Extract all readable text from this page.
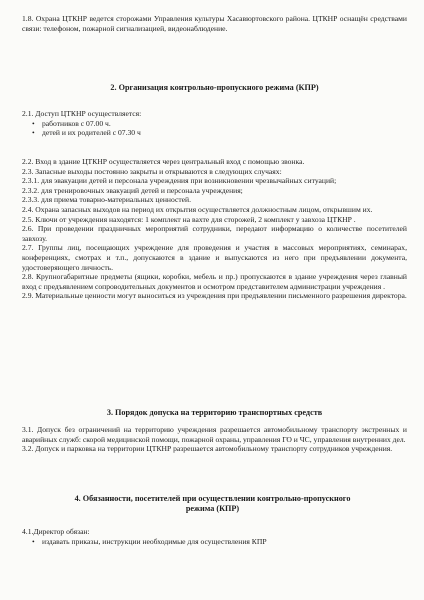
1.8. Охрана ЦТКНР ведется сторожами Управления культуры Хасавюртовского района. ЦТКНР оснащён средствами связи: телефоном, пожарной сигнализацией, видеонаблюдение.

2. Организация контрольно-пропускного режима (КПР)

2.1. Доступ ЦТКНР осуществляется:

• работников с 07.00 ч.
• детей и их родителей с 07.30 ч

2.2. Вход в здание ЦТКНР осуществляется через центральный вход с помощью звонка.

2.3. Запасные выходы постоянно закрыты и открываются в следующих случаях:

2.3.1. для эвакуации детей и персонала учреждения при возникновении чрезвычайных ситуаций;

2.3.2. для тренировочных эвакуаций детей и персонала учреждения;

2.3.3. для приема товарно-материальных ценностей.

2.4. Охрана запасных выходов на период их открытия осуществляется должностным лицом, открывшим их.

2.5. Ключи от учреждения находятся: 1 комплект на вахте для сторожей, 2 комплект у завхоза ЦТКНР .

2.6. При проведении праздничных мероприятий сотрудники, передают информацию о количестве посетителей завхозу.

2.7. Группы лиц, посещающих учреждение для проведения и участия в массовых мероприятиях, семинарах, конференциях, смотрах и т.п., допускаются в здание и выпускаются из него при предъявлении документа, удостоверяющего личность.

2.8. Крупногабаритные предметы (ящики, коробки, мебель и пр.) пропускаются в здание учреждения через главный вход с предъявлением сопроводительных документов и осмотром представителем администрации учреждения .

2.9. Материальные ценности могут выноситься из учреждения при предъявлении письменного разрешения директора.

3. Порядок допуска на территорию транспортных средств

3.1. Допуск без ограничений на территорию учреждения разрешается автомобильному транспорту экстренных и аварийных служб: скорой медицинской помощи, пожарной охраны, управления ГО и ЧС, управления внутренних дел.

3.2. Допуск и парковка на территории ЦТКНР разрешается автомобильному транспорту сотрудников учреждения.

4. Обязанности, посетителей при осуществлении контрольно-пропускного режима (КПР)

4.1.Директор обязан:

• издавать приказы, инструкции необходимые для осуществления КПР
